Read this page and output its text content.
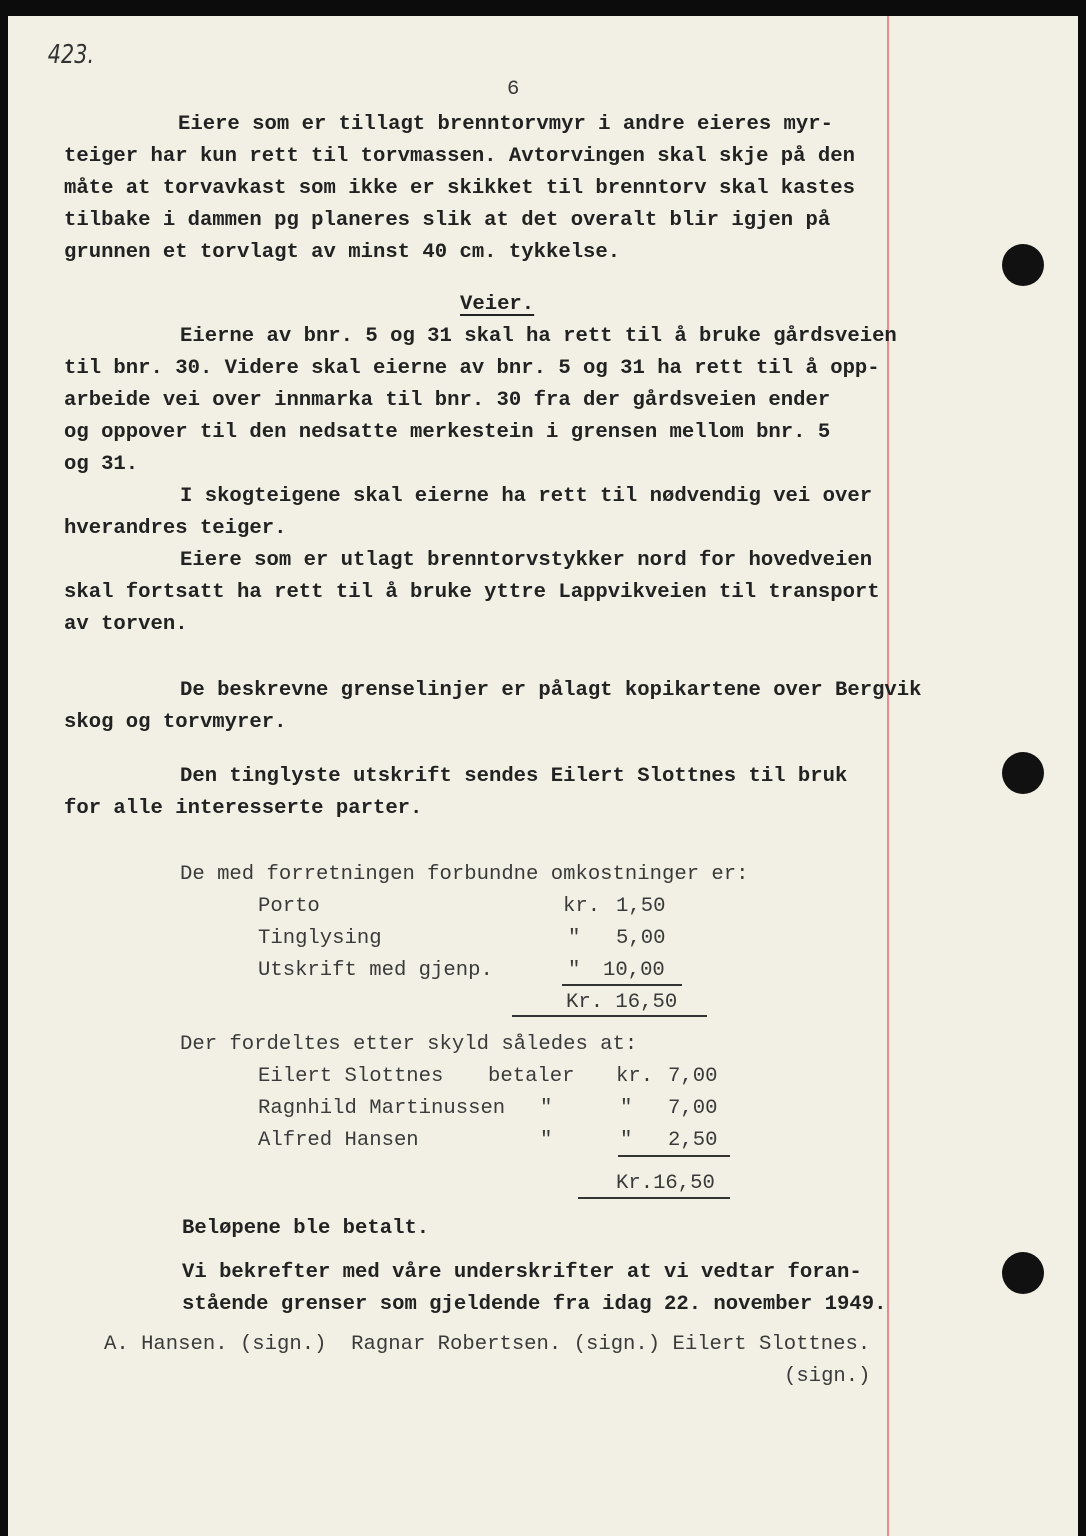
423.
6
Eiere som er tillagt brenntorvmyr i andre eieres myr-
teiger har kun rett til torvmassen. Avtorvingen skal skje på den
måte at torvavkast som ikke er skikket til brenntorv skal kastes
tilbake i dammen pg planeres slik at det overalt blir igjen på
grunnen et torvlagt av minst 40 cm. tykkelse.
Veier.
Eierne av bnr. 5 og 31 skal ha rett til å bruke gårdsveien
til bnr. 30. Videre skal eierne av bnr. 5 og 31 ha rett til å opp-
arbeide vei over innmarka til bnr. 30 fra der gårdsveien ender
og oppover til den nedsatte merkestein i grensen mellom bnr. 5
og 31.
I skogteigene skal eierne ha rett til nødvendig vei over
hverandres teiger.
Eiere som er utlagt brenntorvstykker nord for hovedveien
skal fortsatt ha rett til å bruke yttre Lappvikveien til transport
av torven.
De beskrevne grenselinjer er pålagt kopikartene over Bergvik
skog og torvmyrer.
Den tinglyste utskrift sendes Eilert Slottnes til bruk
for alle interesserte parter.
De med forretningen forbundne omkostninger er:
Porto	kr. 1,50
Tinglysing	" 5,00
Utskrift med gjenp.	" 10,00
Kr. 16,50
Der fordeltes etter skyld således at:
Eilert Slottnes betaler kr. 7,00
Ragnhild Martinussen "	" 7,00
Alfred Hansen	"	" 2,50
Kr.16,50
Beløpene ble betalt.
Vi bekrefter med våre underskrifter at vi vedtar foran-
stående grenser som gjeldende fra idag 22. november 1949.
A. Hansen. (sign.)  Ragnar Robertsen. (sign.) Eilert Slottnes.
(sign.)
